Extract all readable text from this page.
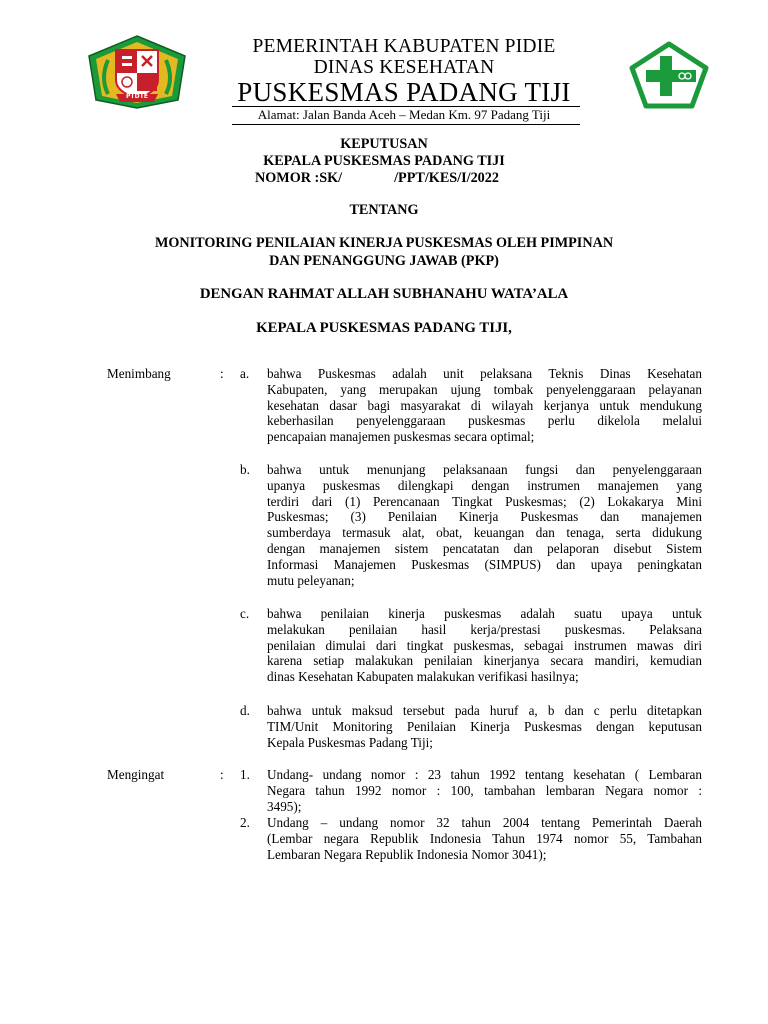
PIDIE
PEMERINTAH KABUPATEN PIDIE
DINAS KESEHATAN
PUSKESMAS PADANG TIJI
Alamat: Jalan Banda Aceh – Medan Km. 97 Padang Tiji
KEPUTUSAN
KEPALA PUSKESMAS PADANG TIJI
NOMOR :SK/	/PPT/KES/I/2022
TENTANG
MONITORING PENILAIAN KINERJA PUSKESMAS OLEH PIMPINAN
DAN PENANGGUNG JAWAB (PKP)
DENGAN RAHMAT ALLAH SUBHANAHU WATA’ALA
KEPALA PUSKESMAS PADANG TIJI,
Menimbang	: a. bahwa Puskesmas adalah unit pelaksana Teknis Dinas Kesehatan
Kabupaten, yang merupakan ujung tombak penyelenggaraan pelayanan
kesehatan dasar bagi masyarakat di wilayah kerjanya untuk mendukung
keberhasilan penyelenggaraan puskesmas perlu dikelola melalui
pencapaian manajemen puskesmas secara optimal;
b. bahwa untuk menunjang pelaksanaan fungsi dan penyelenggaraan
upanya puskesmas dilengkapi dengan instrumen manajemen yang
terdiri dari (1) Perencanaan Tingkat Puskesmas; (2) Lokakarya Mini
Puskesmas; (3) Penilaian Kinerja Puskesmas dan manajemen
sumberdaya termasuk alat, obat, keuangan dan tenaga, serta didukung
dengan manajemen sistem pencatatan dan pelaporan disebut Sistem
Informasi Manajemen Puskesmas (SIMPUS) dan upaya peningkatan
mutu peleyanan;
c. bahwa penilaian kinerja puskesmas adalah suatu upaya untuk
melakukan penilaian hasil kerja/prestasi puskesmas. Pelaksana
penilaian dimulai dari tingkat puskesmas, sebagai instrumen mawas diri
karena setiap malakukan penilaian kinerjanya secara mandiri, kemudian
dinas Kesehatan Kabupaten malakukan verifikasi hasilnya;
d. bahwa untuk maksud tersebut pada huruf a, b dan c perlu ditetapkan
TIM/Unit Monitoring Penilaian Kinerja Puskesmas dengan keputusan
Kepala Puskesmas Padang Tiji;
Mengingat	: 1. Undang- undang nomor : 23 tahun 1992 tentang kesehatan ( Lembaran
Negara tahun 1992 nomor : 100, tambahan lembaran Negara nomor :
3495);
2. Undang – undang nomor 32 tahun 2004 tentang Pemerintah Daerah
(Lembar negara Republik Indonesia Tahun 1974 nomor 55, Tambahan
Lembaran Negara Republik Indonesia Nomor 3041);
